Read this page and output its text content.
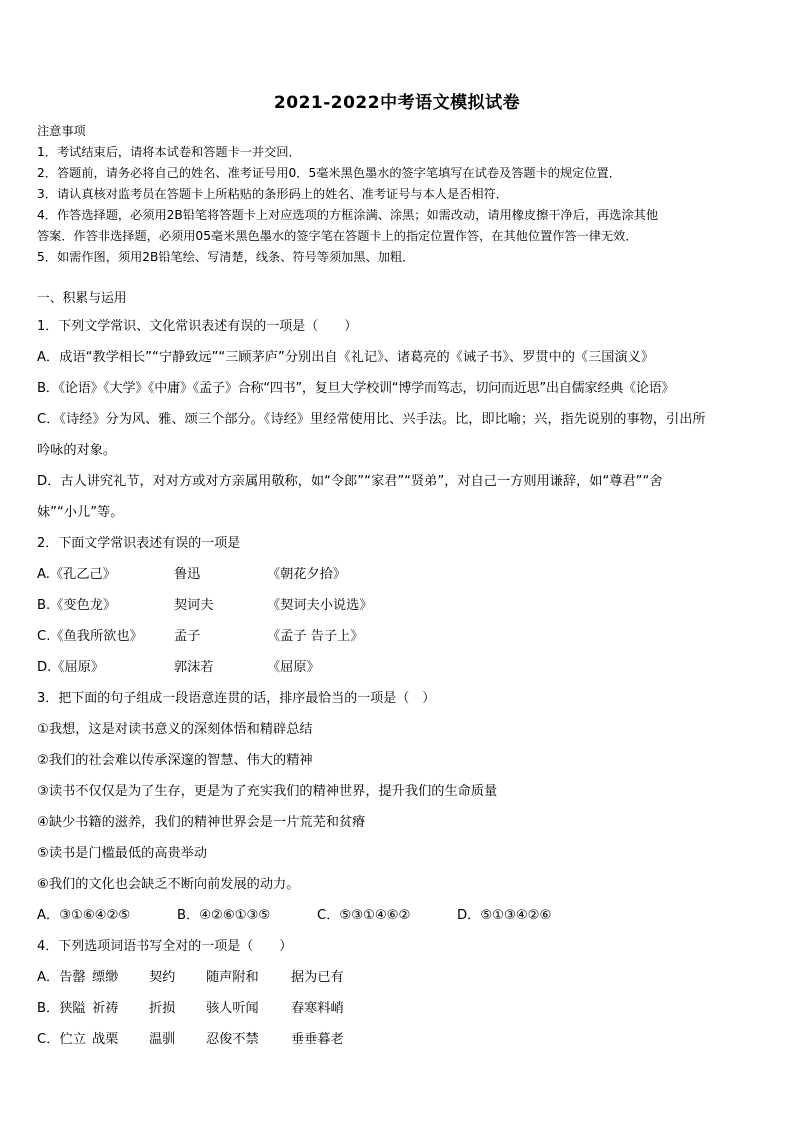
2021-2022中考语文模拟试卷
注意事项
1．考试结束后，请将本试卷和答题卡一并交回．
2．答题前，请务必将自己的姓名、准考证号用0．5毫米黑色墨水的签字笔填写在试卷及答题卡的规定位置．
3．请认真核对监考员在答题卡上所粘贴的条形码上的姓名、准考证号与本人是否相符．
4．作答选择题，必须用2B铅笔将答题卡上对应选项的方框涂满、涂黑；如需改动，请用橡皮擦干净后，再选涂其他
答案．作答非选择题，必须用05毫米黑色墨水的签字笔在答题卡上的指定位置作答，在其他位置作答一律无效．
5．如需作图，须用2B铅笔绘、写清楚，线条、符号等须加黑、加粗．
一、积累与运用
1．下列文学常识、文化常识表述有误的一项是（　　）
A．成语“教学相长”“宁静致远”“三顾茅庐”分别出自《礼记》、诸葛亮的《诫子书》、罗贯中的《三国演义》
B．《论语》《大学》《中庸》《孟子》合称“四书”，复旦大学校训“博学而笃志，切问而近思”出自儒家经典《论语》
C．《诗经》分为风、雅、颂三个部分。《诗经》里经常使用比、兴手法。比，即比喻；兴，指先说别的事物，引出所
吟咏的对象。
D．古人讲究礼节，对对方或对方亲属用敬称，如“令郎”“家君”“贤弟”，对自己一方则用谦辞，如“尊君”“舍
妹”“小儿”等。
2．下面文学常识表述有误的一项是
A.《孔乙己》	鲁迅	《朝花夕拾》
B.《变色龙》	契诃夫	《契诃夫小说选》
C.《鱼我所欲也》	孟子	《孟子 告子上》
D.《屈原》	郭沫若	《屈原》
3．把下面的句子组成一段语意连贯的话，排序最恰当的一项是（　）
①我想，这是对读书意义的深刻体悟和精辟总结
②我们的社会难以传承深邃的智慧、伟大的精神
③读书不仅仅是为了生存，更是为了充实我们的精神世界，提升我们的生命质量
④缺少书籍的滋养，我们的精神世界会是一片荒芜和贫瘠
⑤读书是门槛最低的高贵举动
⑥我们的文化也会缺乏不断向前发展的动力。
A．③①⑥④②⑤	B．④②⑥①③⑤	C．⑤③①④⑥②	D．⑤①③④②⑥
4．下列选项词语书写全对的一项是（　　）
A．告罄 缥缈	契约	随声附和	据为已有
B．狭隘 祈祷	折损	骇人听闻	春寒料峭
C．伫立 战栗	温驯	忍俊不禁	垂垂暮老
